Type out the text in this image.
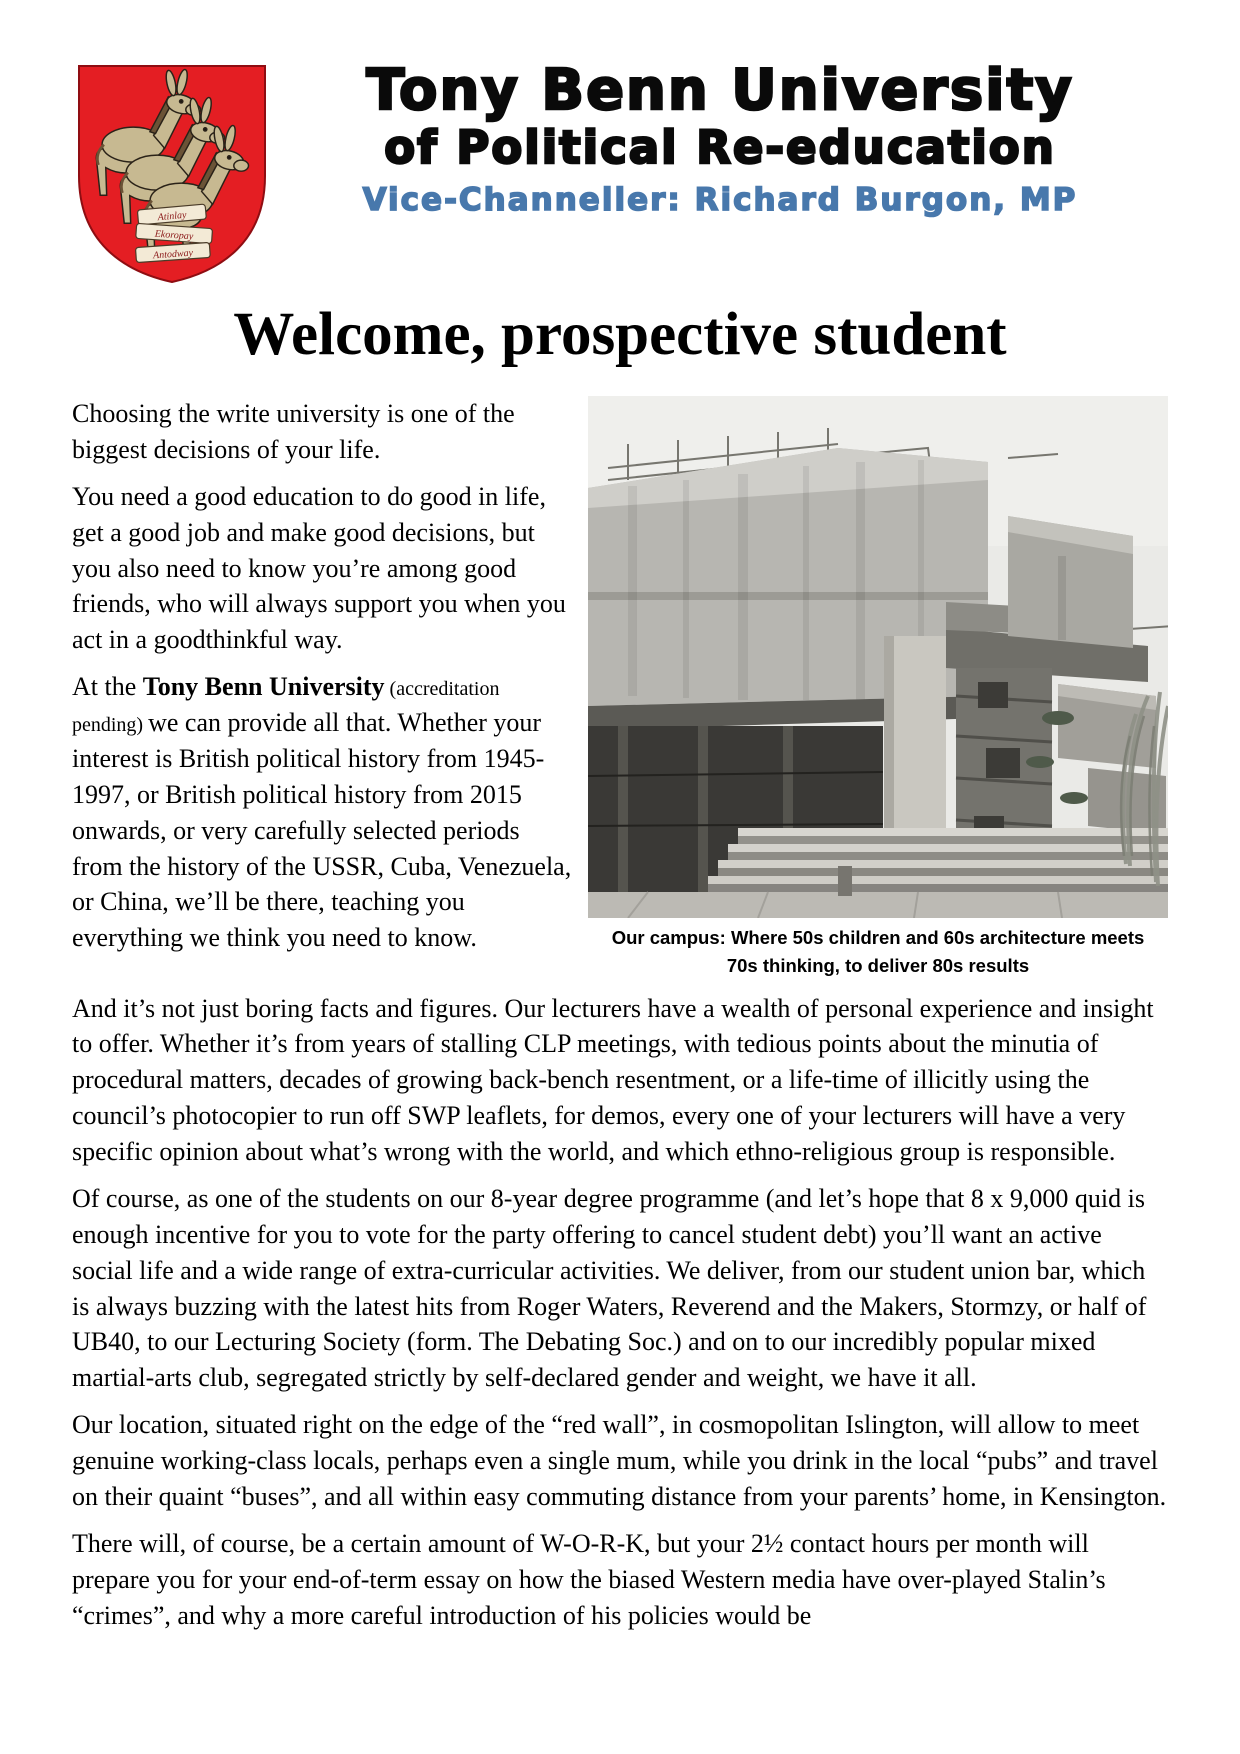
Atinlay
Ekoropay
Antodway
Tony Benn University
of Political Re-education
Vice-Channeller: Richard Burgon, MP
Welcome, prospective student

Choosing the write university is one of the biggest decisions of your life.

You need a good education to do good in life, get a good job and make good decisions, but you also need to know you’re among good friends, who will always support you when you act in a goodthinkful way.

At the Tony Benn University (accreditation pending) we can provide all that. Whether your interest is British political history from 1945-1997, or British political history from 2015 onwards, or very carefully selected periods from the history of the USSR, Cuba, Venezuela, or China, we’ll be there, teaching you everything we think you need to know.	Our campus: Where 50s children and 60s architecture meets
70s thinking, to deliver 80s results

And it’s not just boring facts and figures. Our lecturers have a wealth of personal experience and insight to offer. Whether it’s from years of stalling CLP meetings, with tedious points about the minutia of procedural matters, decades of growing back-bench resentment, or a life-time of illicitly using the council’s photocopier to run off SWP leaflets, for demos, every one of your lecturers will have a very specific opinion about what’s wrong with the world, and which ethno-religious group is responsible.

Of course, as one of the students on our 8-year degree programme (and let’s hope that 8 x 9,000 quid is enough incentive for you to vote for the party offering to cancel student debt) you’ll want an active social life and a wide range of extra-curricular activities. We deliver, from our student union bar, which is always buzzing with the latest hits from Roger Waters, Reverend and the Makers, Stormzy, or half of UB40, to our Lecturing Society (form. The Debating Soc.) and on to our incredibly popular mixed martial-arts club, segregated strictly by self-declared gender and weight, we have it all.

Our location, situated right on the edge of the “red wall”, in cosmopolitan Islington, will allow to meet genuine working-class locals, perhaps even a single mum, while you drink in the local “pubs” and travel on their quaint “buses”, and all within easy commuting distance from your parents’ home, in Kensington.

There will, of course, be a certain amount of W-O-R-K, but your 2½ contact hours per month will prepare you for your end-of-term essay on how the biased Western media have over-played Stalin’s “crimes”, and why a more careful introduction of his policies would be
